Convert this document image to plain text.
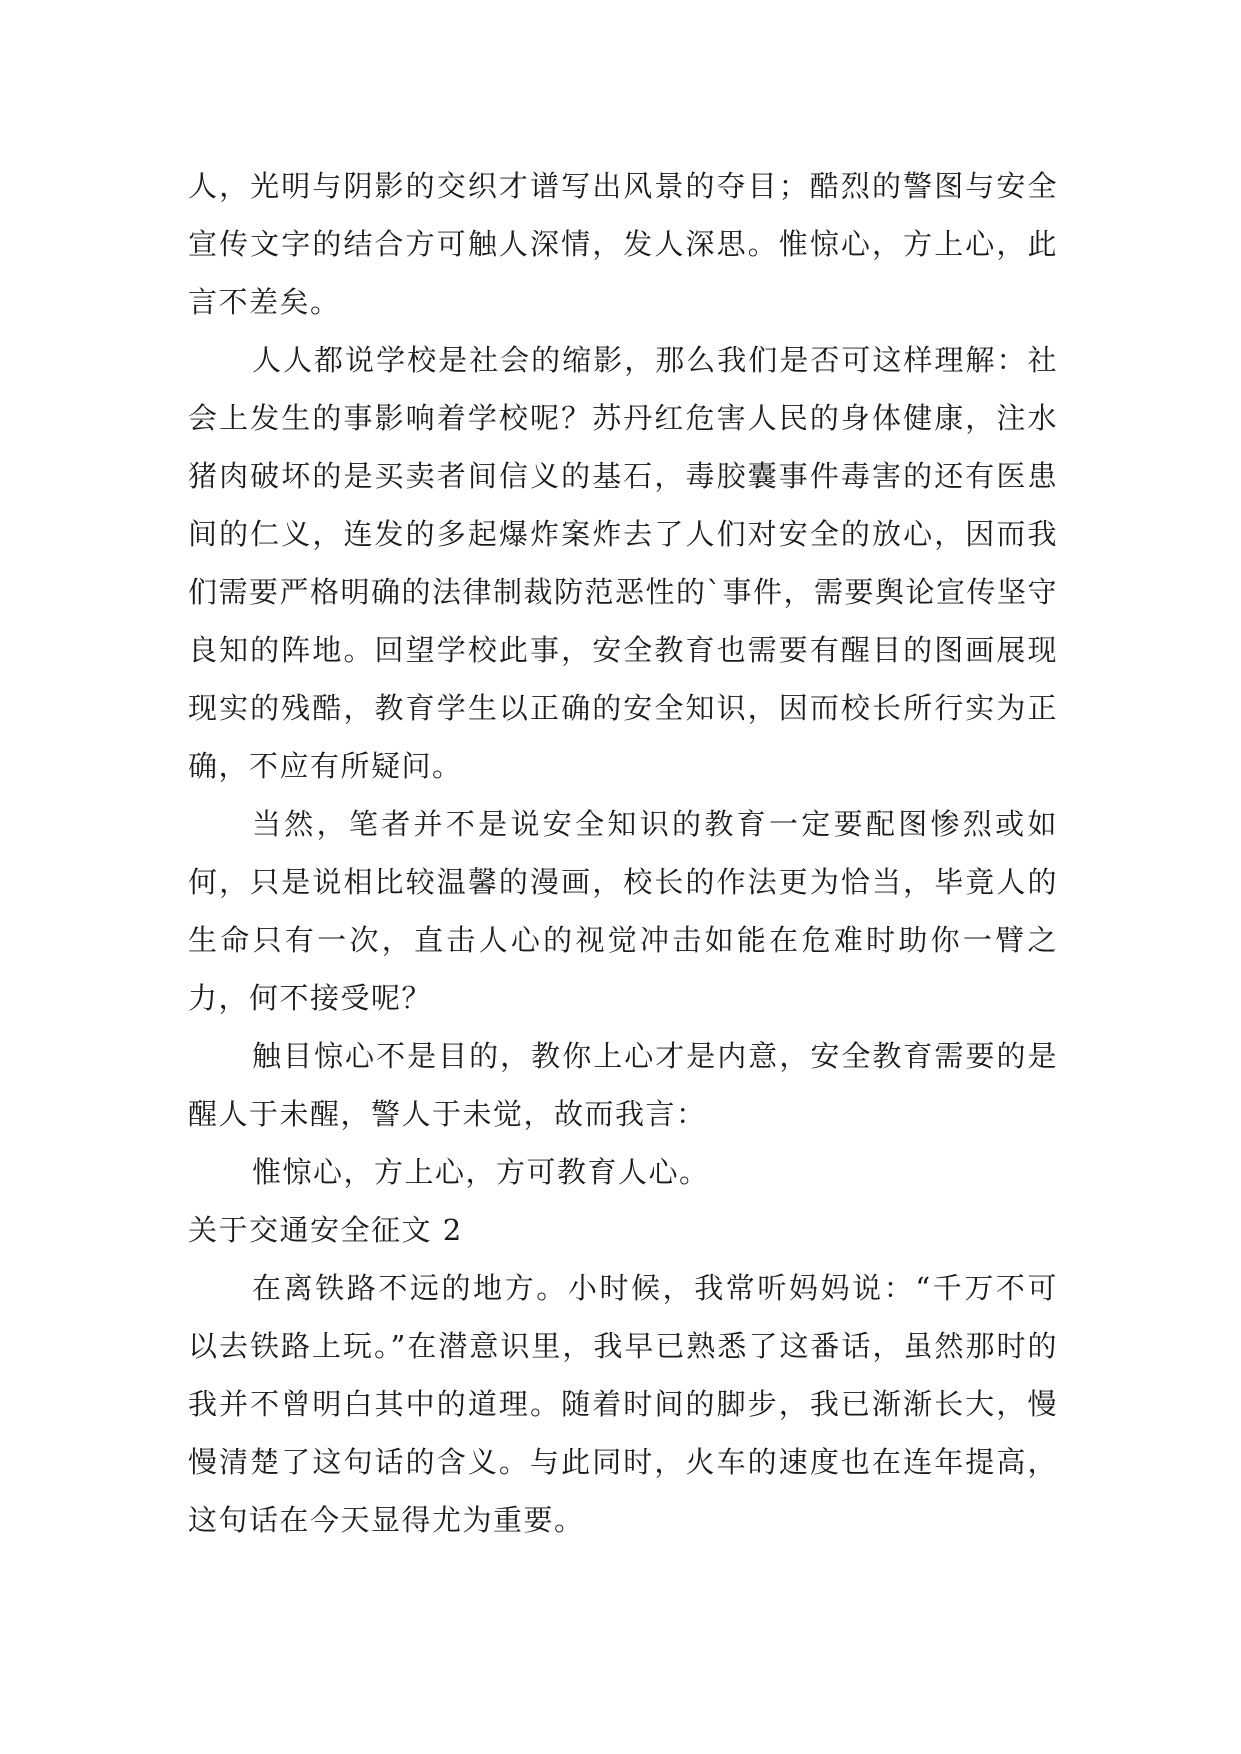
人，光明与阴影的交织才谱写出风景的夺目；酷烈的警图与安全宣传文字的结合方可触人深情，发人深思。惟惊心，方上心，此言不差矣。

人人都说学校是社会的缩影，那么我们是否可这样理解：社会上发生的事影响着学校呢？苏丹红危害人民的身体健康，注水猪肉破坏的是买卖者间信义的基石，毒胶囊事件毒害的还有医患间的仁义，连发的多起爆炸案炸去了人们对安全的放心，因而我们需要严格明确的法律制裁防范恶性的`事件，需要舆论宣传坚守良知的阵地。回望学校此事，安全教育也需要有醒目的图画展现现实的残酷，教育学生以正确的安全知识，因而校长所行实为正确，不应有所疑问。

当然，笔者并不是说安全知识的教育一定要配图惨烈或如何，只是说相比较温馨的漫画，校长的作法更为恰当，毕竟人的生命只有一次，直击人心的视觉冲击如能在危难时助你一臂之力，何不接受呢？

触目惊心不是目的，教你上心才是内意，安全教育需要的是醒人于未醒，警人于未觉，故而我言：

惟惊心，方上心，方可教育人心。

关于交通安全征文 2

在离铁路不远的地方。小时候，我常听妈妈说：“千万不可以去铁路上玩。”在潜意识里，我早已熟悉了这番话，虽然那时的我并不曾明白其中的道理。随着时间的脚步，我已渐渐长大，慢慢清楚了这句话的含义。与此同时，火车的速度也在连年提高，这句话在今天显得尤为重要。
